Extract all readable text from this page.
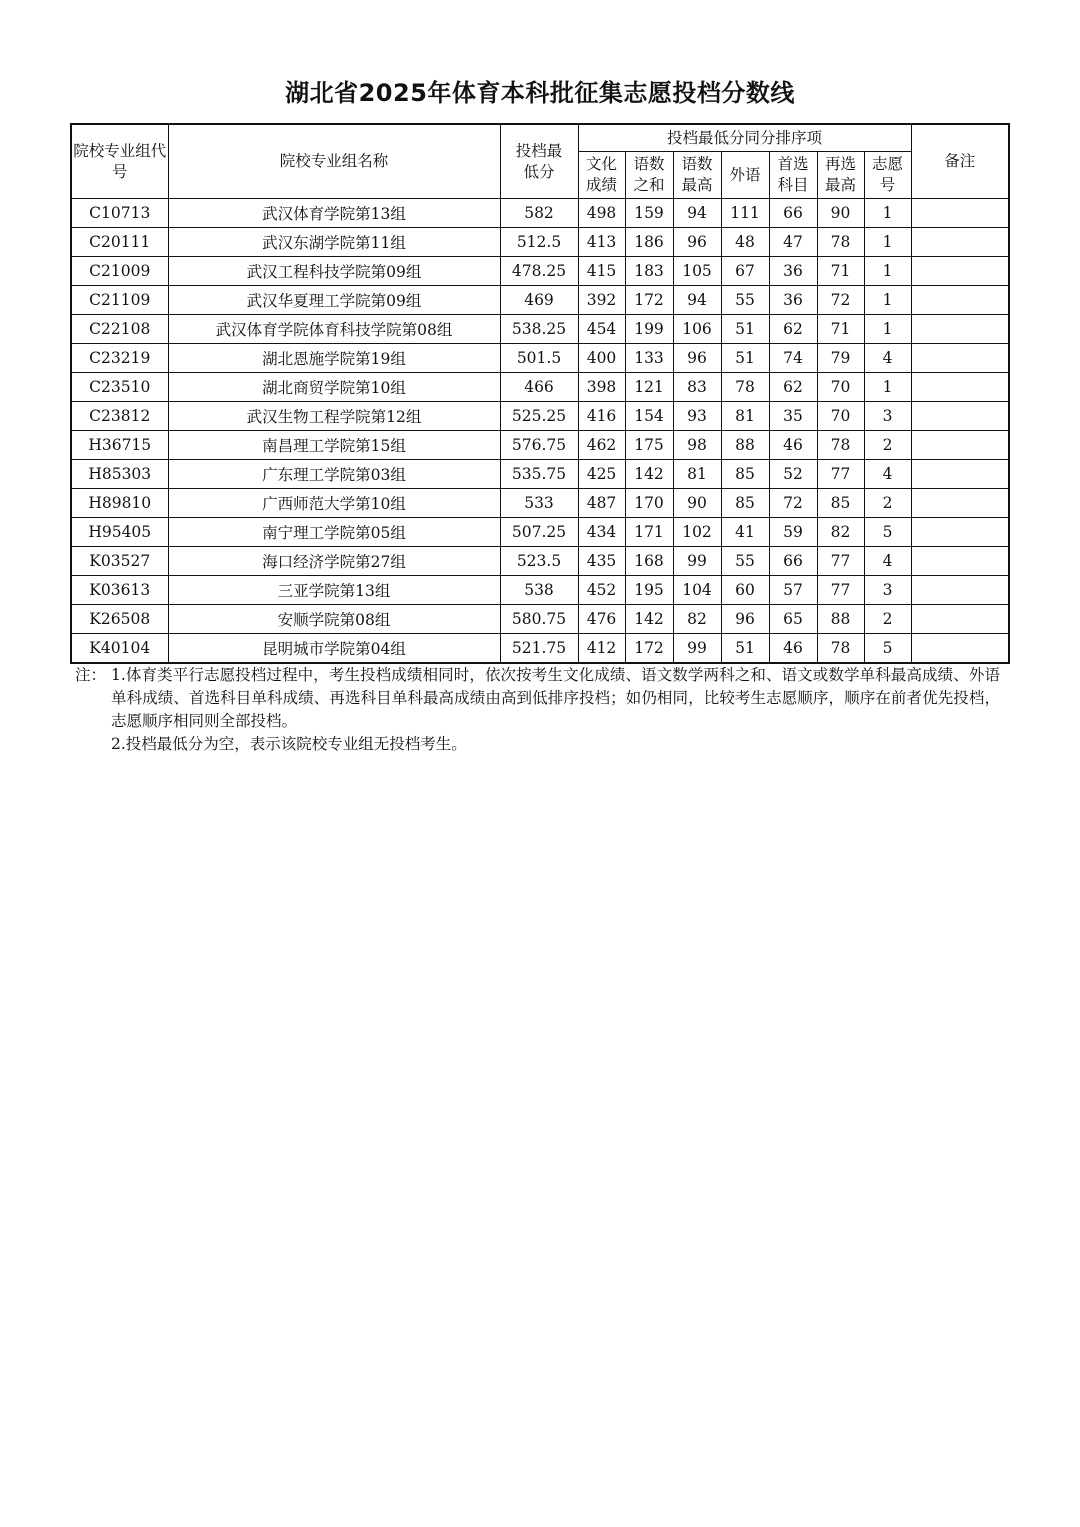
湖北省2025年体育本科批征集志愿投档分数线
院校专业组代号	院校专业组名称	投档最低分	投档最低分同分排序项							备注
			文化成绩	语数之和	语数最高	外语	首选科目	再选最高	志愿号	
C10713	武汉体育学院第13组	582	498	159	94	111	66	90	1	
C20111	武汉东湖学院第11组	512.5	413	186	96	48	47	78	1	
C21009	武汉工程科技学院第09组	478.25	415	183	105	67	36	71	1	
C21109	武汉华夏理工学院第09组	469	392	172	94	55	36	72	1	
C22108	武汉体育学院体育科技学院第08组	538.25	454	199	106	51	62	71	1	
C23219	湖北恩施学院第19组	501.5	400	133	96	51	74	79	4	
C23510	湖北商贸学院第10组	466	398	121	83	78	62	70	1	
C23812	武汉生物工程学院第12组	525.25	416	154	93	81	35	70	3	
H36715	南昌理工学院第15组	576.75	462	175	98	88	46	78	2	
H85303	广东理工学院第03组	535.75	425	142	81	85	52	77	4	
H89810	广西师范大学第10组	533	487	170	90	85	72	85	2	
H95405	南宁理工学院第05组	507.25	434	171	102	41	59	82	5	
K03527	海口经济学院第27组	523.5	435	168	99	55	66	77	4	
K03613	三亚学院第13组	538	452	195	104	60	57	77	3	
K26508	安顺学院第08组	580.75	476	142	82	96	65	88	2	
K40104	昆明城市学院第04组	521.75	412	172	99	51	46	78	5	
注： 1.体育类平行志愿投档过程中，考生投档成绩相同时，依次按考生文化成绩、语文数学两科之和、语文或数学单科最高成绩、外语单科成绩、首选科目单科成绩、再选科目单科最高成绩由高到低排序投档；如仍相同，比较考生志愿顺序，顺序在前者优先投档，志愿顺序相同则全部投档。
2.投档最低分为空，表示该院校专业组无投档考生。
